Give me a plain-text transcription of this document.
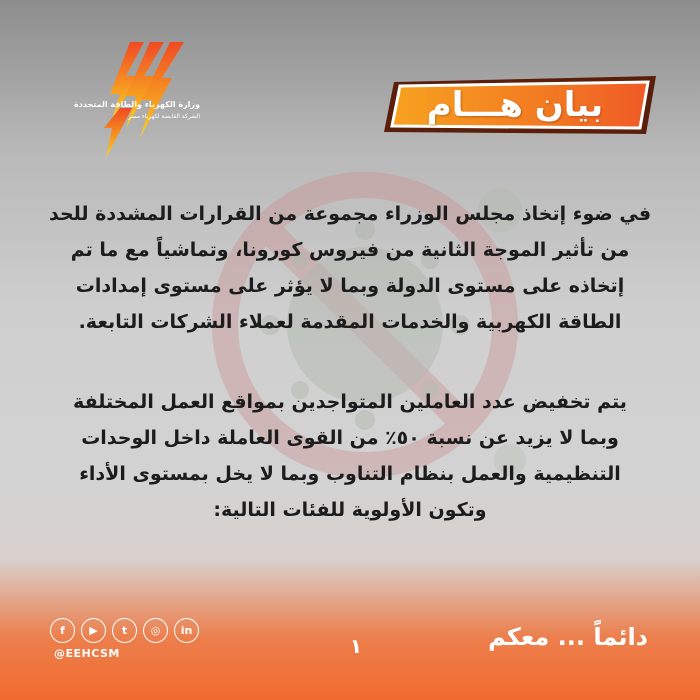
وزارة الكهرباء والطاقة المتجددة
الشركة القابضة لكهرباء مصر	بيان هـــام
في ضوء إتخاذ مجلس الوزراء مجموعة من القرارات المشددة للحد
من تأثير الموجة الثانية من فيروس كورونا، وتماشياً مع ما تم
إتخاذه على مستوى الدولة وبما لا يؤثر على مستوى إمدادات
الطاقة الكهربية والخدمات المقدمة لعملاء الشركات التابعة.
يتم تخفيض عدد العاملين المتواجدين بمواقع العمل المختلفة
وبما لا يزيد عن نسبة ٥٠٪ من القوى العاملة داخل الوحدات
التنظيمية والعمل بنظام التناوب وبما لا يخل بمستوى الأداء
وتكون الأولوية للفئات التالية:
f	▶	t	◎	in
@EEHCSM	١	دائماً ... معكم
